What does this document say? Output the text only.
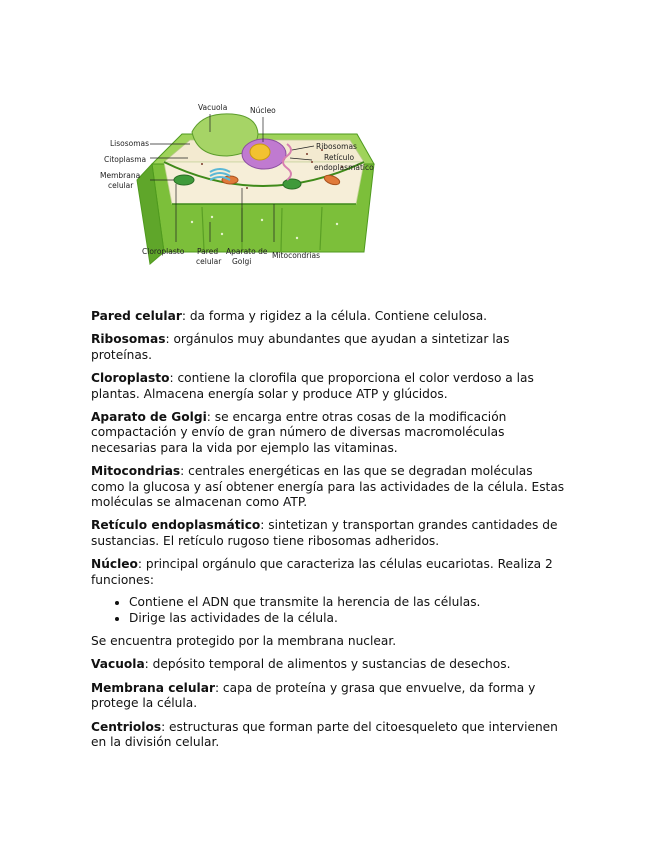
Vacuola	Núcleo
Lisosomas
Citoplasma
Membrana
celular
Ribosomas
Retículo
endoplasmático
Cloroplasto Pared
celular
Aparato de
Golgi
Mitocondrias

Pared celular: da forma y rigidez a la célula. Contiene celulosa.

Ribosomas: orgánulos muy abundantes que ayudan a sintetizar las proteínas.

Cloroplasto: contiene la clorofila que proporciona el color verdoso a las plantas. Almacena energía solar y produce ATP y glúcidos.

Aparato de Golgi: se encarga entre otras cosas de la modificación compactación y envío de gran número de diversas macromoléculas necesarias para la vida por ejemplo las vitaminas.

Mitocondrias: centrales energéticas en las que se degradan moléculas como la glucosa y así obtener energía para las actividades de la célula. Estas moléculas se almacenan como ATP.

Retículo endoplasmático: sintetizan y transportan grandes cantidades de sustancias. El retículo rugoso tiene ribosomas adheridos.

Núcleo: principal orgánulo que caracteriza las células eucariotas. Realiza 2 funciones:

• Contiene el ADN que transmite la herencia de las células.
• Dirige las actividades de la célula.

Se encuentra protegido por la membrana nuclear.

Vacuola: depósito temporal de alimentos y sustancias de desechos.

Membrana celular: capa de proteína y grasa que envuelve, da forma y protege la célula.

Centriolos: estructuras que forman parte del citoesqueleto que intervienen en la división celular.
